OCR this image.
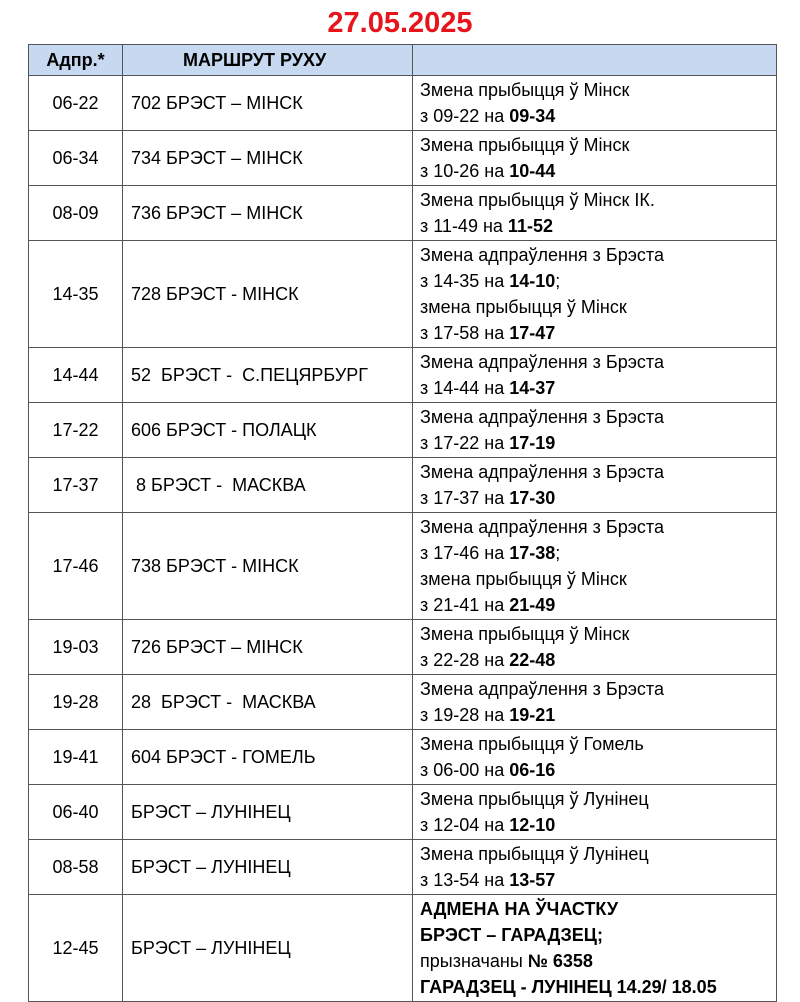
27.05.2025
Адпр.*	МАРШРУТ РУХУ	
06-22	702 БРЭСТ – МІНСК	Змена прыбыцця ў Мінск
з 09-22 на 09-34

06-34	734 БРЭСТ – МІНСК	Змена прыбыцця ў Мінск
з 10-26 на 10-44

08-09	736 БРЭСТ – МІНСК	Змена прыбыцця ў Мінск ІК.
з 11-49 на 11-52

14-35	728 БРЭСТ - МІНСК	Змена адпраўлення з Брэста
з 14-35 на 14-10;
змена прыбыцця ў Мінск
з 17-58 на 17-47

14-44	52  БРЭСТ -  С.ПЕЦЯРБУРГ	Змена адпраўлення з Брэста
з 14-44 на 14-37

17-22	606 БРЭСТ - ПОЛАЦК	Змена адпраўлення з Брэста
з 17-22 на 17-19

17-37	8 БРЭСТ -  МАСКВА	Змена адпраўлення з Брэста
з 17-37 на 17-30

17-46	738 БРЭСТ - МІНСК	Змена адпраўлення з Брэста
з 17-46 на 17-38;
змена прыбыцця ў Мінск
з 21-41 на 21-49

19-03	726 БРЭСТ – МІНСК	Змена прыбыцця ў Мінск
з 22-28 на 22-48

19-28	28  БРЭСТ -  МАСКВА	Змена адпраўлення з Брэста
з 19-28 на 19-21

19-41	604 БРЭСТ - ГОМЕЛЬ	Змена прыбыцця ў Гомель
з 06-00 на 06-16

06-40	БРЭСТ – ЛУНІНЕЦ	Змена прыбыцця ў Лунінец
з 12-04 на 12-10

08-58	БРЭСТ – ЛУНІНЕЦ	Змена прыбыцця ў Лунінец
з 13-54 на 13-57

12-45	БРЭСТ – ЛУНІНЕЦ	АДМЕНА НА ЎЧАСТКУ
БРЭСТ – ГАРАДЗЕЦ;
прызначаны № 6358
ГАРАДЗЕЦ - ЛУНІНЕЦ 14.29/ 18.05
